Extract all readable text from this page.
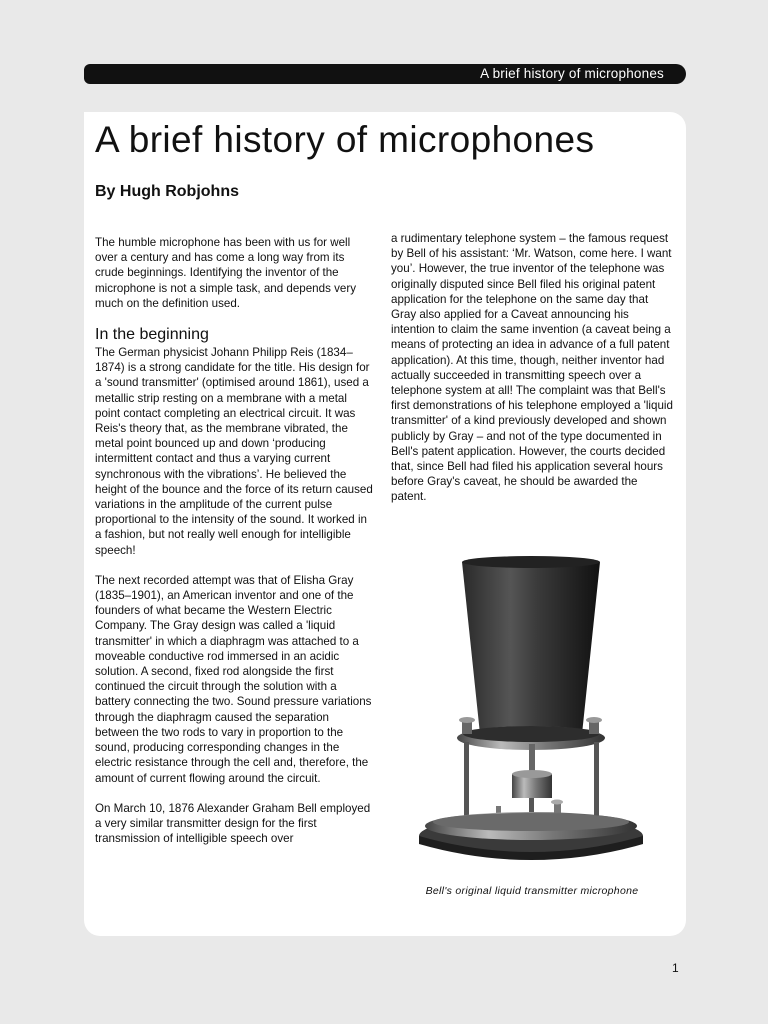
A brief history of microphones
A brief history of microphones
By Hugh Robjohns

The humble microphone has been with us for well over a century and has come a long way from its crude beginnings. Identifying the inventor of the microphone is not a simple task, and depends very much on the definition used.

In the beginning

The German physicist Johann Philipp Reis (1834–1874) is a strong candidate for the title. His design for a 'sound transmitter' (optimised around 1861), used a metallic strip resting on a membrane with a metal point contact completing an electrical circuit. It was Reis's theory that, as the membrane vibrated, the metal point bounced up and down ‘producing intermittent contact and thus a varying current synchronous with the vibrations’. He believed the height of the bounce and the force of its return caused variations in the amplitude of the current pulse proportional to the intensity of the sound. It worked in a fashion, but not really well enough for intelligible speech!

The next recorded attempt was that of Elisha Gray (1835–1901), an American inventor and one of the founders of what became the Western Electric Company. The Gray design was called a 'liquid transmitter' in which a diaphragm was attached to a moveable conductive rod immersed in an acidic solution. A second, fixed rod alongside the first continued the circuit through the solution with a battery connecting the two. Sound pressure variations through the diaphragm caused the separation between the two rods to vary in proportion to the sound, producing corresponding changes in the electric resistance through the cell and, therefore, the amount of current flowing around the circuit.

On March 10, 1876 Alexander Graham Bell employed a very similar transmitter design for the first transmission of intelligible speech over

a rudimentary telephone system – the famous request by Bell of his assistant: ‘Mr. Watson, come here. I want you’. However, the true inventor of the telephone was originally disputed since Bell filed his original patent application for the telephone on the same day that Gray also applied for a Caveat announcing his intention to claim the same invention (a caveat being a means of protecting an idea in advance of a full patent application). At this time, though, neither inventor had actually succeeded in transmitting speech over a telephone system at all! The complaint was that Bell's first demonstrations of his telephone employed a 'liquid transmitter' of a kind previously developed and shown publicly by Gray – and not of the type documented in Bell's patent application. However, the courts decided that, since Bell had filed his application several hours before Gray's caveat, he should be awarded the patent.

Bell's original liquid transmitter microphone
1
